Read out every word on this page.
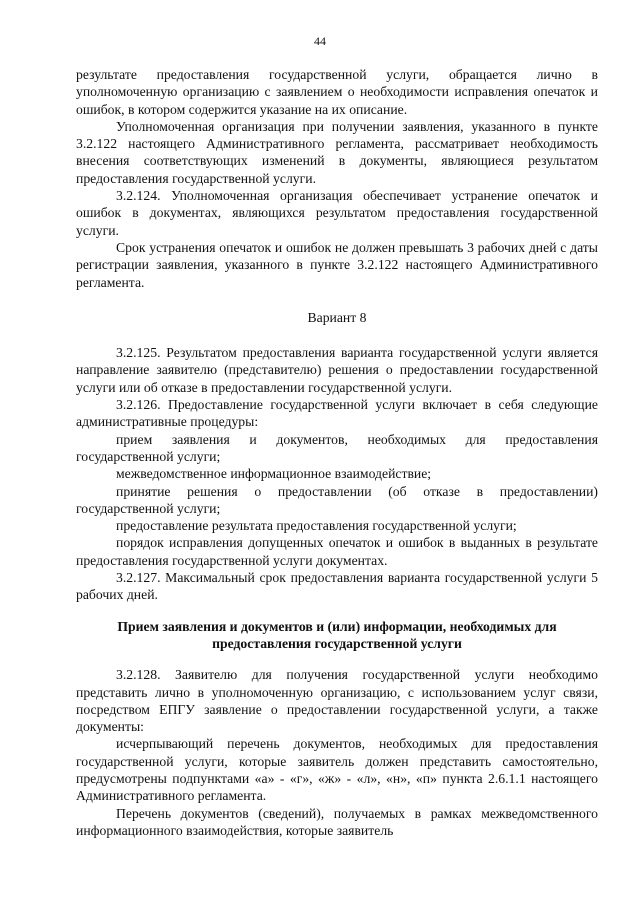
44

результате предоставления государственной услуги, обращается лично в уполномоченную организацию с заявлением о необходимости исправления опечаток и ошибок, в котором содержится указание на их описание.

Уполномоченная организация при получении заявления, указанного в пункте 3.2.122 настоящего Административного регламента, рассматривает необходимость внесения соответствующих изменений в документы, являющиеся результатом предоставления государственной услуги.

3.2.124. Уполномоченная организация обеспечивает устранение опечаток и ошибок в документах, являющихся результатом предоставления государственной услуги.

Срок устранения опечаток и ошибок не должен превышать 3 рабочих дней с даты регистрации заявления, указанного в пункте 3.2.122 настоящего Административного регламента.

Вариант 8

3.2.125. Результатом предоставления варианта государственной услуги является направление заявителю (представителю) решения о предоставлении государственной услуги или об отказе в предоставлении государственной услуги.

3.2.126. Предоставление государственной услуги включает в себя следующие административные процедуры:

прием заявления и документов, необходимых для предоставления государственной услуги;

межведомственное информационное взаимодействие;

принятие решения о предоставлении (об отказе в предоставлении) государственной услуги;

предоставление результата предоставления государственной услуги;

порядок исправления допущенных опечаток и ошибок в выданных в результате предоставления государственной услуги документах.

3.2.127. Максимальный срок предоставления варианта государственной услуги 5 рабочих дней.

Прием заявления и документов и (или) информации, необходимых для предоставления государственной услуги

3.2.128. Заявителю для получения государственной услуги необходимо представить лично в уполномоченную организацию, с использованием услуг связи, посредством ЕПГУ заявление о предоставлении государственной услуги, а также документы:

исчерпывающий перечень документов, необходимых для предоставления государственной услуги, которые заявитель должен представить самостоятельно, предусмотрены подпунктами «а» - «г», «ж» - «л», «н», «п» пункта 2.6.1.1 настоящего Административного регламента.

Перечень документов (сведений), получаемых в рамках межведомственного информационного взаимодействия, которые заявитель
